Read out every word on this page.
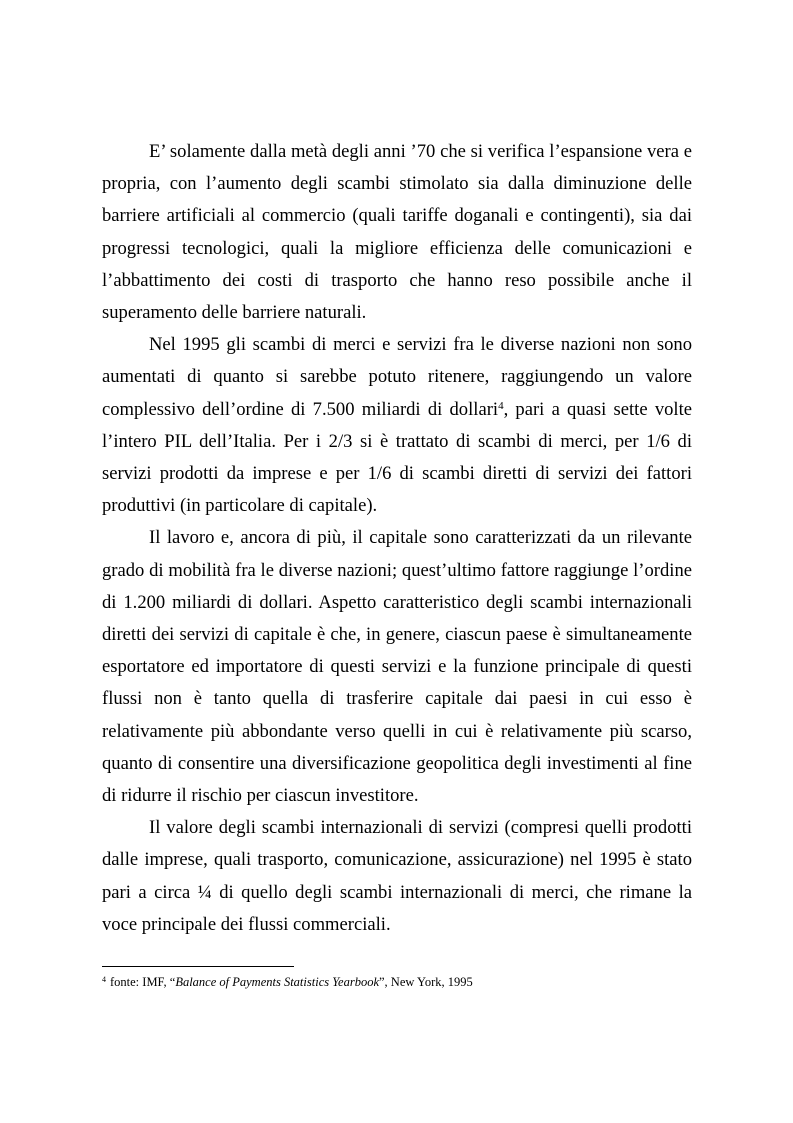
E’ solamente dalla metà degli anni ’70 che si verifica l’espansione vera e propria, con l’aumento degli scambi stimolato sia dalla diminuzione delle barriere artificiali al commercio (quali tariffe doganali e contingenti), sia dai progressi tecnologici, quali la migliore efficienza delle comunicazioni e l’abbattimento dei costi di trasporto che hanno reso possibile anche il superamento delle barriere naturali.

Nel 1995 gli scambi di merci e servizi fra le diverse nazioni non sono aumentati di quanto si sarebbe potuto ritenere, raggiungendo un valore complessivo dell’ordine di 7.500 miliardi di dollari$^4$, pari a quasi sette volte l’intero PIL dell’Italia. Per i 2/3 si è trattato di scambi di merci, per 1/6 di servizi prodotti da imprese e per 1/6 di scambi diretti di servizi dei fattori produttivi (in particolare di capitale).

Il lavoro e, ancora di più, il capitale sono caratterizzati da un rilevante grado di mobilità fra le diverse nazioni; quest’ultimo fattore raggiunge l’ordine di 1.200 miliardi di dollari. Aspetto caratteristico degli scambi internazionali diretti dei servizi di capitale è che, in genere, ciascun paese è simultaneamente esportatore ed importatore di questi servizi e la funzione principale di questi flussi non è tanto quella di trasferire capitale dai paesi in cui esso è relativamente più abbondante verso quelli in cui è relativamente più scarso, quanto di consentire una diversificazione geopolitica degli investimenti al fine di ridurre il rischio per ciascun investitore.

Il valore degli scambi internazionali di servizi (compresi quelli prodotti dalle imprese, quali trasporto, comunicazione, assicurazione) nel 1995 è stato pari a circa ¼ di quello degli scambi internazionali di merci, che rimane la voce principale dei flussi commerciali.

$^4$ fonte: IMF, “Balance of Payments Statistics Yearbook”, New York, 1995
